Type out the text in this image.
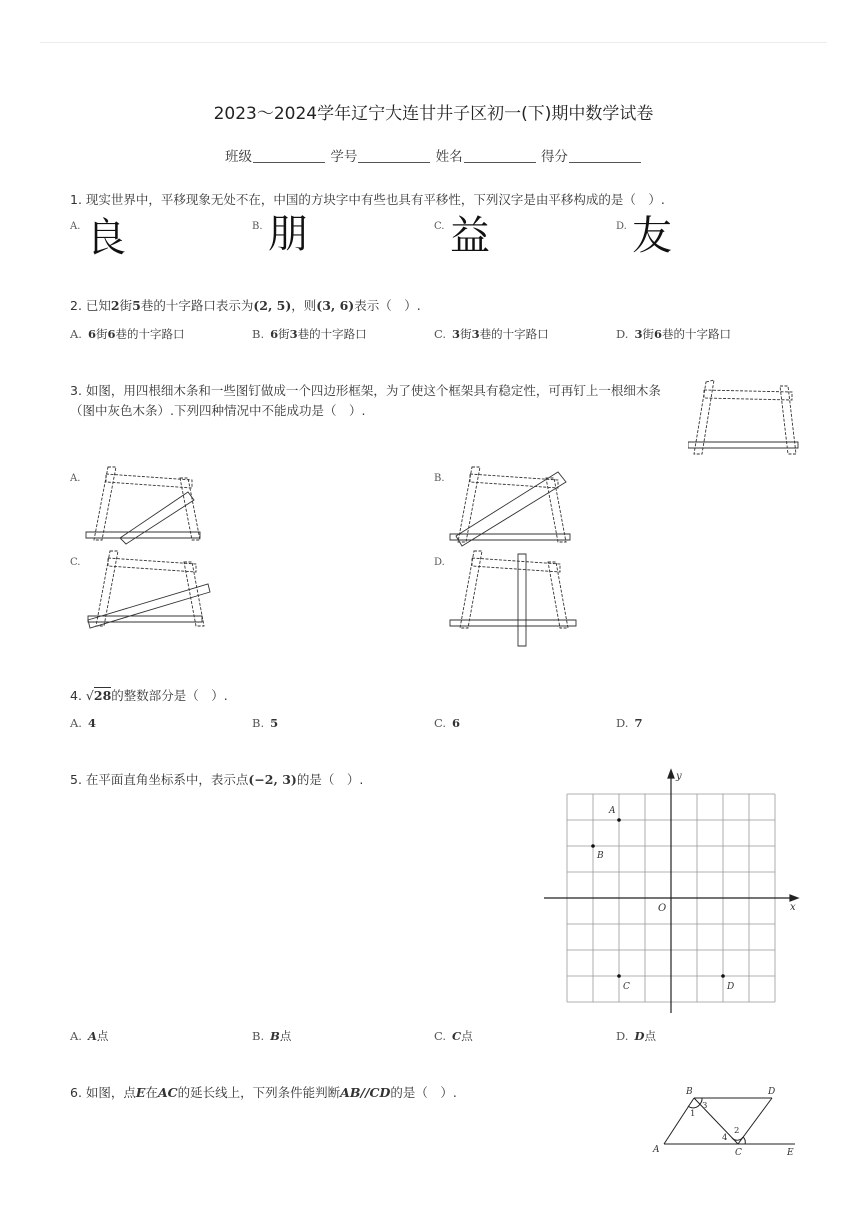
2023～2024学年辽宁大连甘井子区初一(下)期中数学试卷
班级	学号	姓名	得分
1. 现实世界中，平移现象无处不在，中国的方块字中有些也具有平移性，下列汉字是由平移构成的是（　）.
A. 良	B. 朋	C. 益	D. 友
2. 已知2街5巷的十字路口表示为(2, 5)，则(3, 6)表示（　）.
A. 6街6巷的十字路口	B. 6街3巷的十字路口	C. 3街3巷的十字路口	D. 3街6巷的十字路口
3. 如图，用四根细木条和一些图钉做成一个四边形框架，为了使这个框架具有稳定性，可再钉上一根细木条
（图中灰色木条）.下列四种情况中不能成功是（　）.
A.	B.
C.	D.
4. √28的整数部分是（　）.
A. 4	B. 5	C. 6	D. 7
5. 在平面直角坐标系中，表示点(−2, 3)的是（　）.
A
B
C	D
x
y
O
A. A点	B. B点	C. C点	D. D点
6. 如图，点E在AC的延长线上，下列条件能判断AB//CD的是（　）.	B	D
A	C	E
1
3
4
2
